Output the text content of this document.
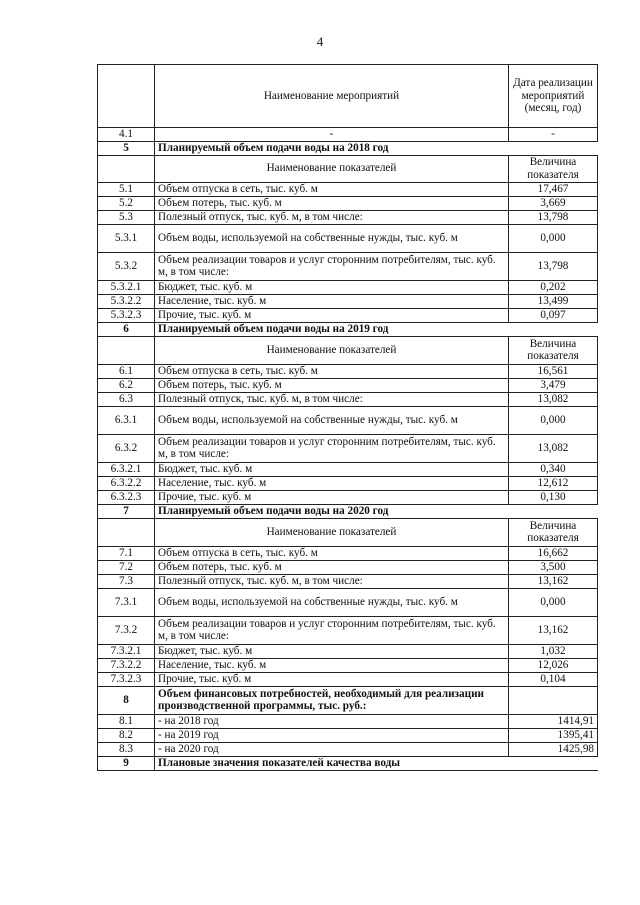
4
	Наименование мероприятий	Дата реализации мероприятий (месяц, год)
4.1	-	-
5	Планируемый объем подачи воды на 2018 год	
	Наименование показателей	Величина показателя
5.1	Объем отпуска в сеть, тыс. куб. м	17,467
5.2	Объем потерь, тыс. куб. м	3,669
5.3	Полезный отпуск, тыс. куб. м, в том числе:	13,798
5.3.1	Объем воды, используемой на собственные нужды, тыс. куб. м	0,000
5.3.2	Объем реализации товаров и услуг сторонним потребителям, тыс. куб. м, в том числе:	13,798
5.3.2.1	Бюджет, тыс. куб. м	0,202
5.3.2.2	Население, тыс. куб. м	13,499
5.3.2.3	Прочие, тыс. куб. м	0,097
6	Планируемый объем подачи воды на 2019 год	
	Наименование показателей	Величина показателя
6.1	Объем отпуска в сеть, тыс. куб. м	16,561
6.2	Объем потерь, тыс. куб. м	3,479
6.3	Полезный отпуск, тыс. куб. м, в том числе:	13,082
6.3.1	Объем воды, используемой на собственные нужды, тыс. куб. м	0,000
6.3.2	Объем реализации товаров и услуг сторонним потребителям, тыс. куб. м, в том числе:	13,082
6.3.2.1	Бюджет, тыс. куб. м	0,340
6.3.2.2	Население, тыс. куб. м	12,612
6.3.2.3	Прочие, тыс. куб. м	0,130
7	Планируемый объем подачи воды на 2020 год	
	Наименование показателей	Величина показателя
7.1	Объем отпуска в сеть, тыс. куб. м	16,662
7.2	Объем потерь, тыс. куб. м	3,500
7.3	Полезный отпуск, тыс. куб. м, в том числе:	13,162
7.3.1	Объем воды, используемой на собственные нужды, тыс. куб. м	0,000
7.3.2	Объем реализации товаров и услуг сторонним потребителям, тыс. куб. м, в том числе:	13,162
7.3.2.1	Бюджет, тыс. куб. м	1,032
7.3.2.2	Население, тыс. куб. м	12,026
7.3.2.3	Прочие, тыс. куб. м	0,104
8	Объем финансовых потребностей, необходимый для реализации производственной программы, тыс. руб.:	
8.1	- на 2018 год	1414,91
8.2	- на 2019 год	1395,41
8.3	- на 2020 год	1425,98
9	Плановые значения показателей качества воды	
